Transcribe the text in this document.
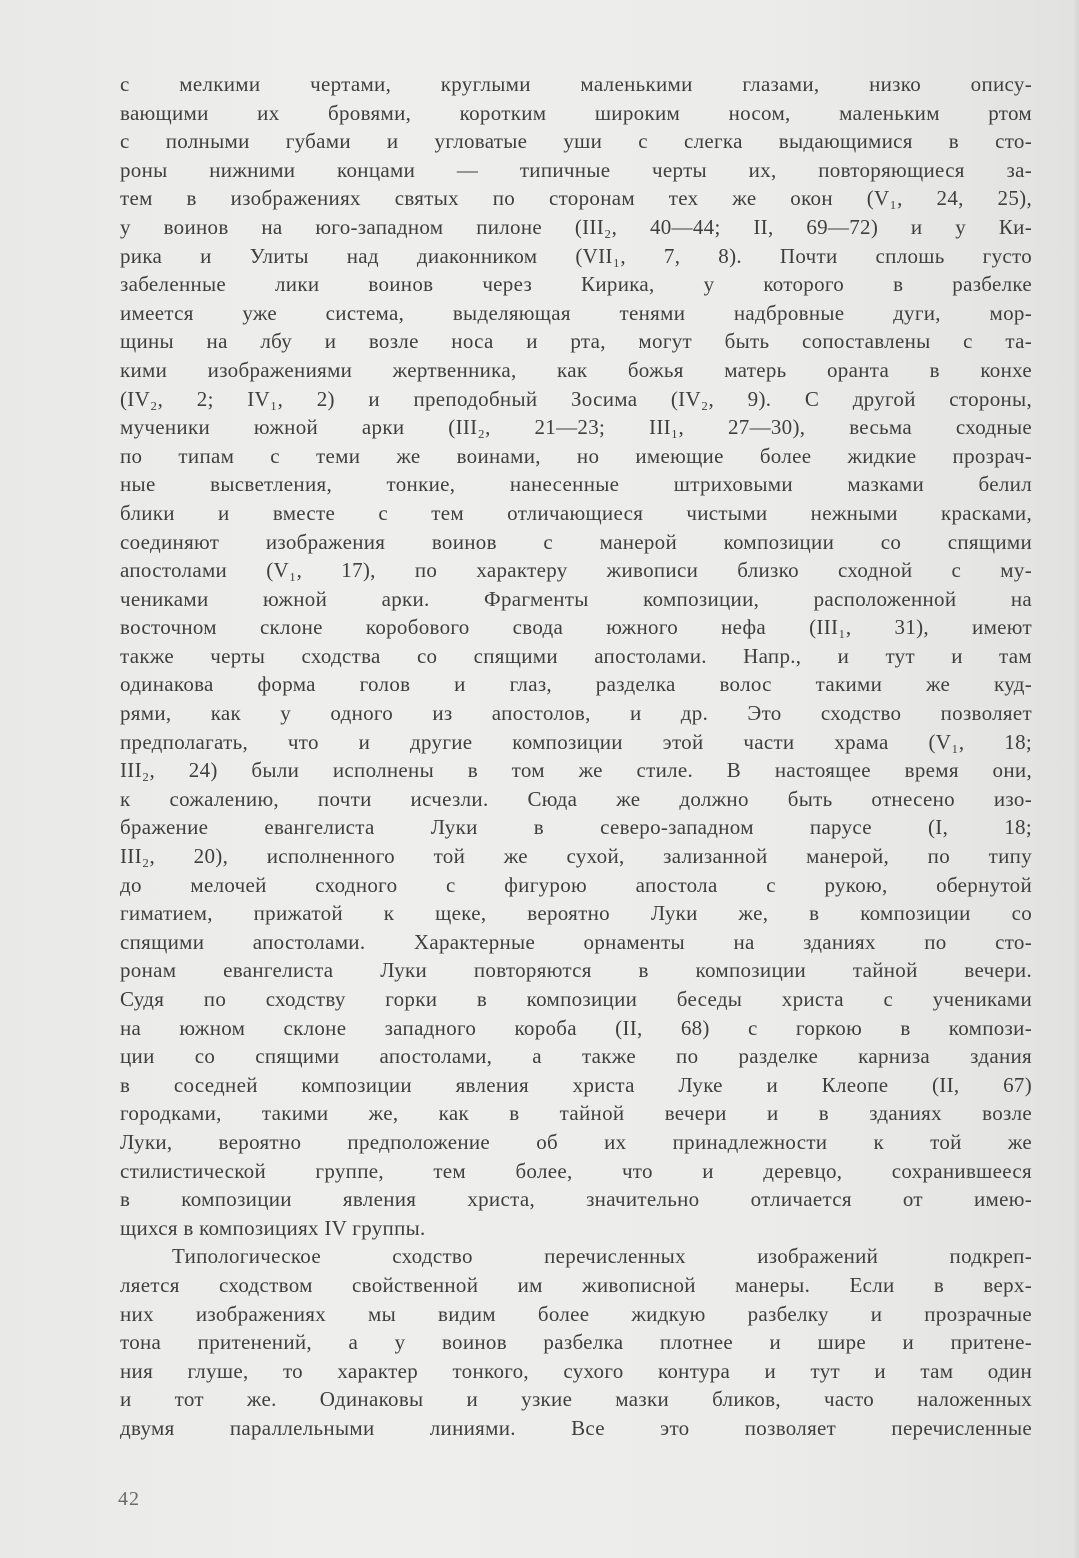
с мелкими чертами, круглыми маленькими глазами, низко опису-
вающими их бровями, коротким широким носом, маленьким ртом
с полными губами и угловатые уши с слегка выдающимися в сто-
роны нижними концами — типичные черты их, повторяющиеся за-
тем в изображениях святых по сторонам тех же окон (V₁, 24, 25),
у воинов на юго-западном пилоне (III₂, 40—44; II, 69—72) и у Ки-
рика и Улиты над диаконником (VII₁, 7, 8). Почти сплошь густо
забеленные лики воинов через Кирика, у которого в разбелке
имеется уже система, выделяющая тенями надбровные дуги, мор-
щины на лбу и возле носа и рта, могут быть сопоставлены с та-
кими изображениями жертвенника, как божья матерь оранта в конхе
(IV₂, 2; IV₁, 2) и преподобный Зосима (IV₂, 9). С другой стороны,
мученики южной арки (III₂, 21—23; III₁, 27—30), весьма сходные
по типам с теми же воинами, но имеющие более жидкие прозрач-
ные высветления, тонкие, нанесенные штриховыми мазками белил
блики и вместе с тем отличающиеся чистыми нежными красками,
соединяют изображения воинов с манерой композиции со спящими
апостолами (V₁, 17), по характеру живописи близко сходной с му-
чениками южной арки. Фрагменты композиции, расположенной на
восточном склоне коробового свода южного нефа (III₁, 31), имеют
также черты сходства со спящими апостолами. Напр., и тут и там
одинакова форма голов и глаз, разделка волос такими же куд-
рями, как у одного из апостолов, и др. Это сходство позволяет
предполагать, что и другие композиции этой части храма (V₁, 18;
III₂, 24) были исполнены в том же стиле. В настоящее время они,
к сожалению, почти исчезли. Сюда же должно быть отнесено изо-
бражение евангелиста Луки в северо-западном парусе (I, 18;
III₂, 20), исполненного той же сухой, зализанной манерой, по типу
до мелочей сходного с фигурою апостола с рукою, обернутой
гиматием, прижатой к щеке, вероятно Луки же, в композиции со
спящими апостолами. Характерные орнаменты на зданиях по сто-
ронам евангелиста Луки повторяются в композиции тайной вечери.
Судя по сходству горки в композиции беседы христа с учениками
на южном склоне западного короба (II, 68) с горкою в компози-
ции со спящими апостолами, а также по разделке карниза здания
в соседней композиции явления христа Луке и Клеопе (II, 67)
городками, такими же, как в тайной вечери и в зданиях возле
Луки, вероятно предположение об их принадлежности к той же
стилистической группе, тем более, что и деревцо, сохранившееся
в композиции явления христа, значительно отличается от имею-
щихся в композициях IV группы.
Типологическое сходство перечисленных изображений подкреп-
ляется сходством свойственной им живописной манеры. Если в верх-
них изображениях мы видим более жидкую разбелку и прозрачные
тона притенений, а у воинов разбелка плотнее и шире и притене-
ния глуше, то характер тонкого, сухого контура и тут и там один
и тот же. Одинаковы и узкие мазки бликов, часто наложенных
двумя параллельными линиями. Все это позволяет перечисленные
42
